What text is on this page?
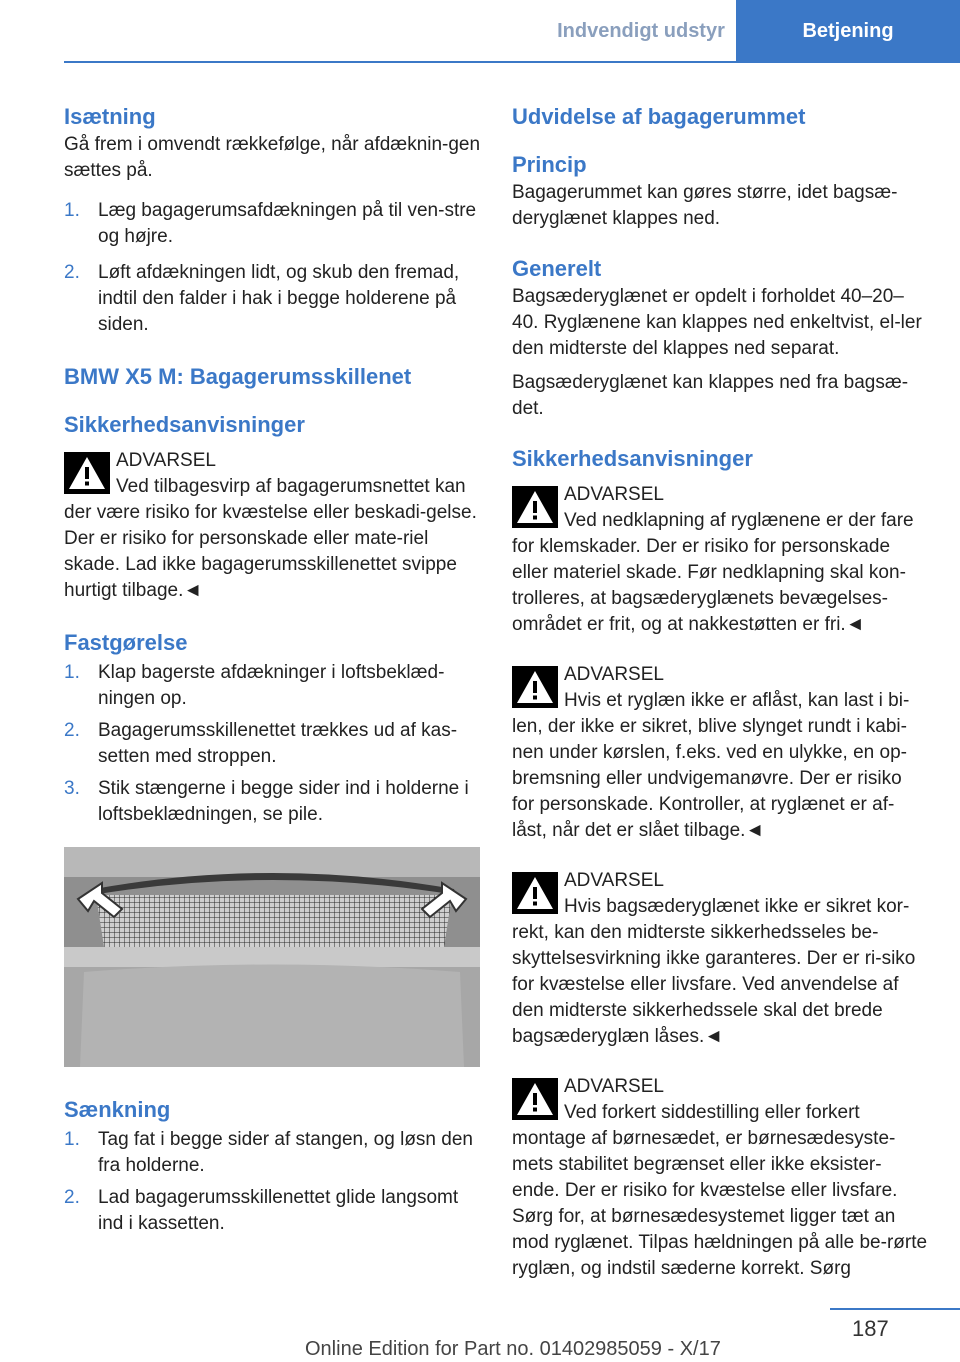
Indvendigt udstyr	Betjening

Isætning

Gå frem i omvendt rækkefølge, når afdæknin-gen sættes på.

1. Læg bagagerumsafdækningen på til ven-stre og højre.
2. Løft afdækningen lidt, og skub den fremad, indtil den falder i hak i begge holderene på siden.

BMW X5 M: Bagagerumsskillenet

Sikkerhedsanvisninger

ADVARSEL

Ved tilbagesvirp af bagagerumsnettet kan der være risiko for kvæstelse eller beskadi-gelse. Der er risiko for personskade eller mate-riel skade. Lad ikke bagagerumsskillenettet svippe hurtigt tilbage.◄

Fastgørelse

1. Klap bagerste afdækninger i loftsbeklæd-ningen op.
2. Bagagerumsskillenettet trækkes ud af kas-setten med stroppen.
3. Stik stængerne i begge sider ind i holderne i loftsbeklædningen, se pile.

Sænkning

1. Tag fat i begge sider af stangen, og løsn den fra holderne.
2. Lad bagagerumsskillenettet glide langsomt ind i kassetten.

Udvidelse af bagagerummet

Princip

Bagagerummet kan gøres større, idet bagsæ-deryglænet klappes ned.

Generelt

Bagsæderyglænet er opdelt i forholdet 40–20–40. Ryglænene kan klappes ned enkeltvist, el-ler den midterste del klappes ned separat.

Bagsæderyglænet kan klappes ned fra bagsæ-det.

Sikkerhedsanvisninger

ADVARSEL

Ved nedklapning af ryglænene er der fare for klemskader. Der er risiko for personskade eller materiel skade. Før nedklapning skal kon-trolleres, at bagsæderyglænets bevægelses-området er frit, og at nakkestøtten er fri.◄

ADVARSEL

Hvis et ryglæn ikke er aflåst, kan last i bi-len, der ikke er sikret, blive slynget rundt i kabi-nen under kørslen, f.eks. ved en ulykke, en op-bremsning eller undvigemanøvre. Der er risiko for personskade. Kontroller, at ryglænet er af-låst, når det er slået tilbage.◄

ADVARSEL

Hvis bagsæderyglænet ikke er sikret kor-rekt, kan den midterste sikkerhedsseles be-skyttelsesvirkning ikke garanteres. Der er ri-siko for kvæstelse eller livsfare. Ved anvendelse af den midterste sikkerhedssele skal det brede bagsæderyglæn låses.◄

ADVARSEL

Ved forkert siddestilling eller forkert montage af børnesædet, er børnesædesyste-mets stabilitet begrænset eller ikke eksister-ende. Der er risiko for kvæstelse eller livsfare. Sørg for, at børnesædesystemet ligger tæt an mod ryglænet. Tilpas hældningen på alle be-rørte ryglæn, og indstil sæderne korrekt. Sørg

187
Online Edition for Part no. 01402985059 - X/17
